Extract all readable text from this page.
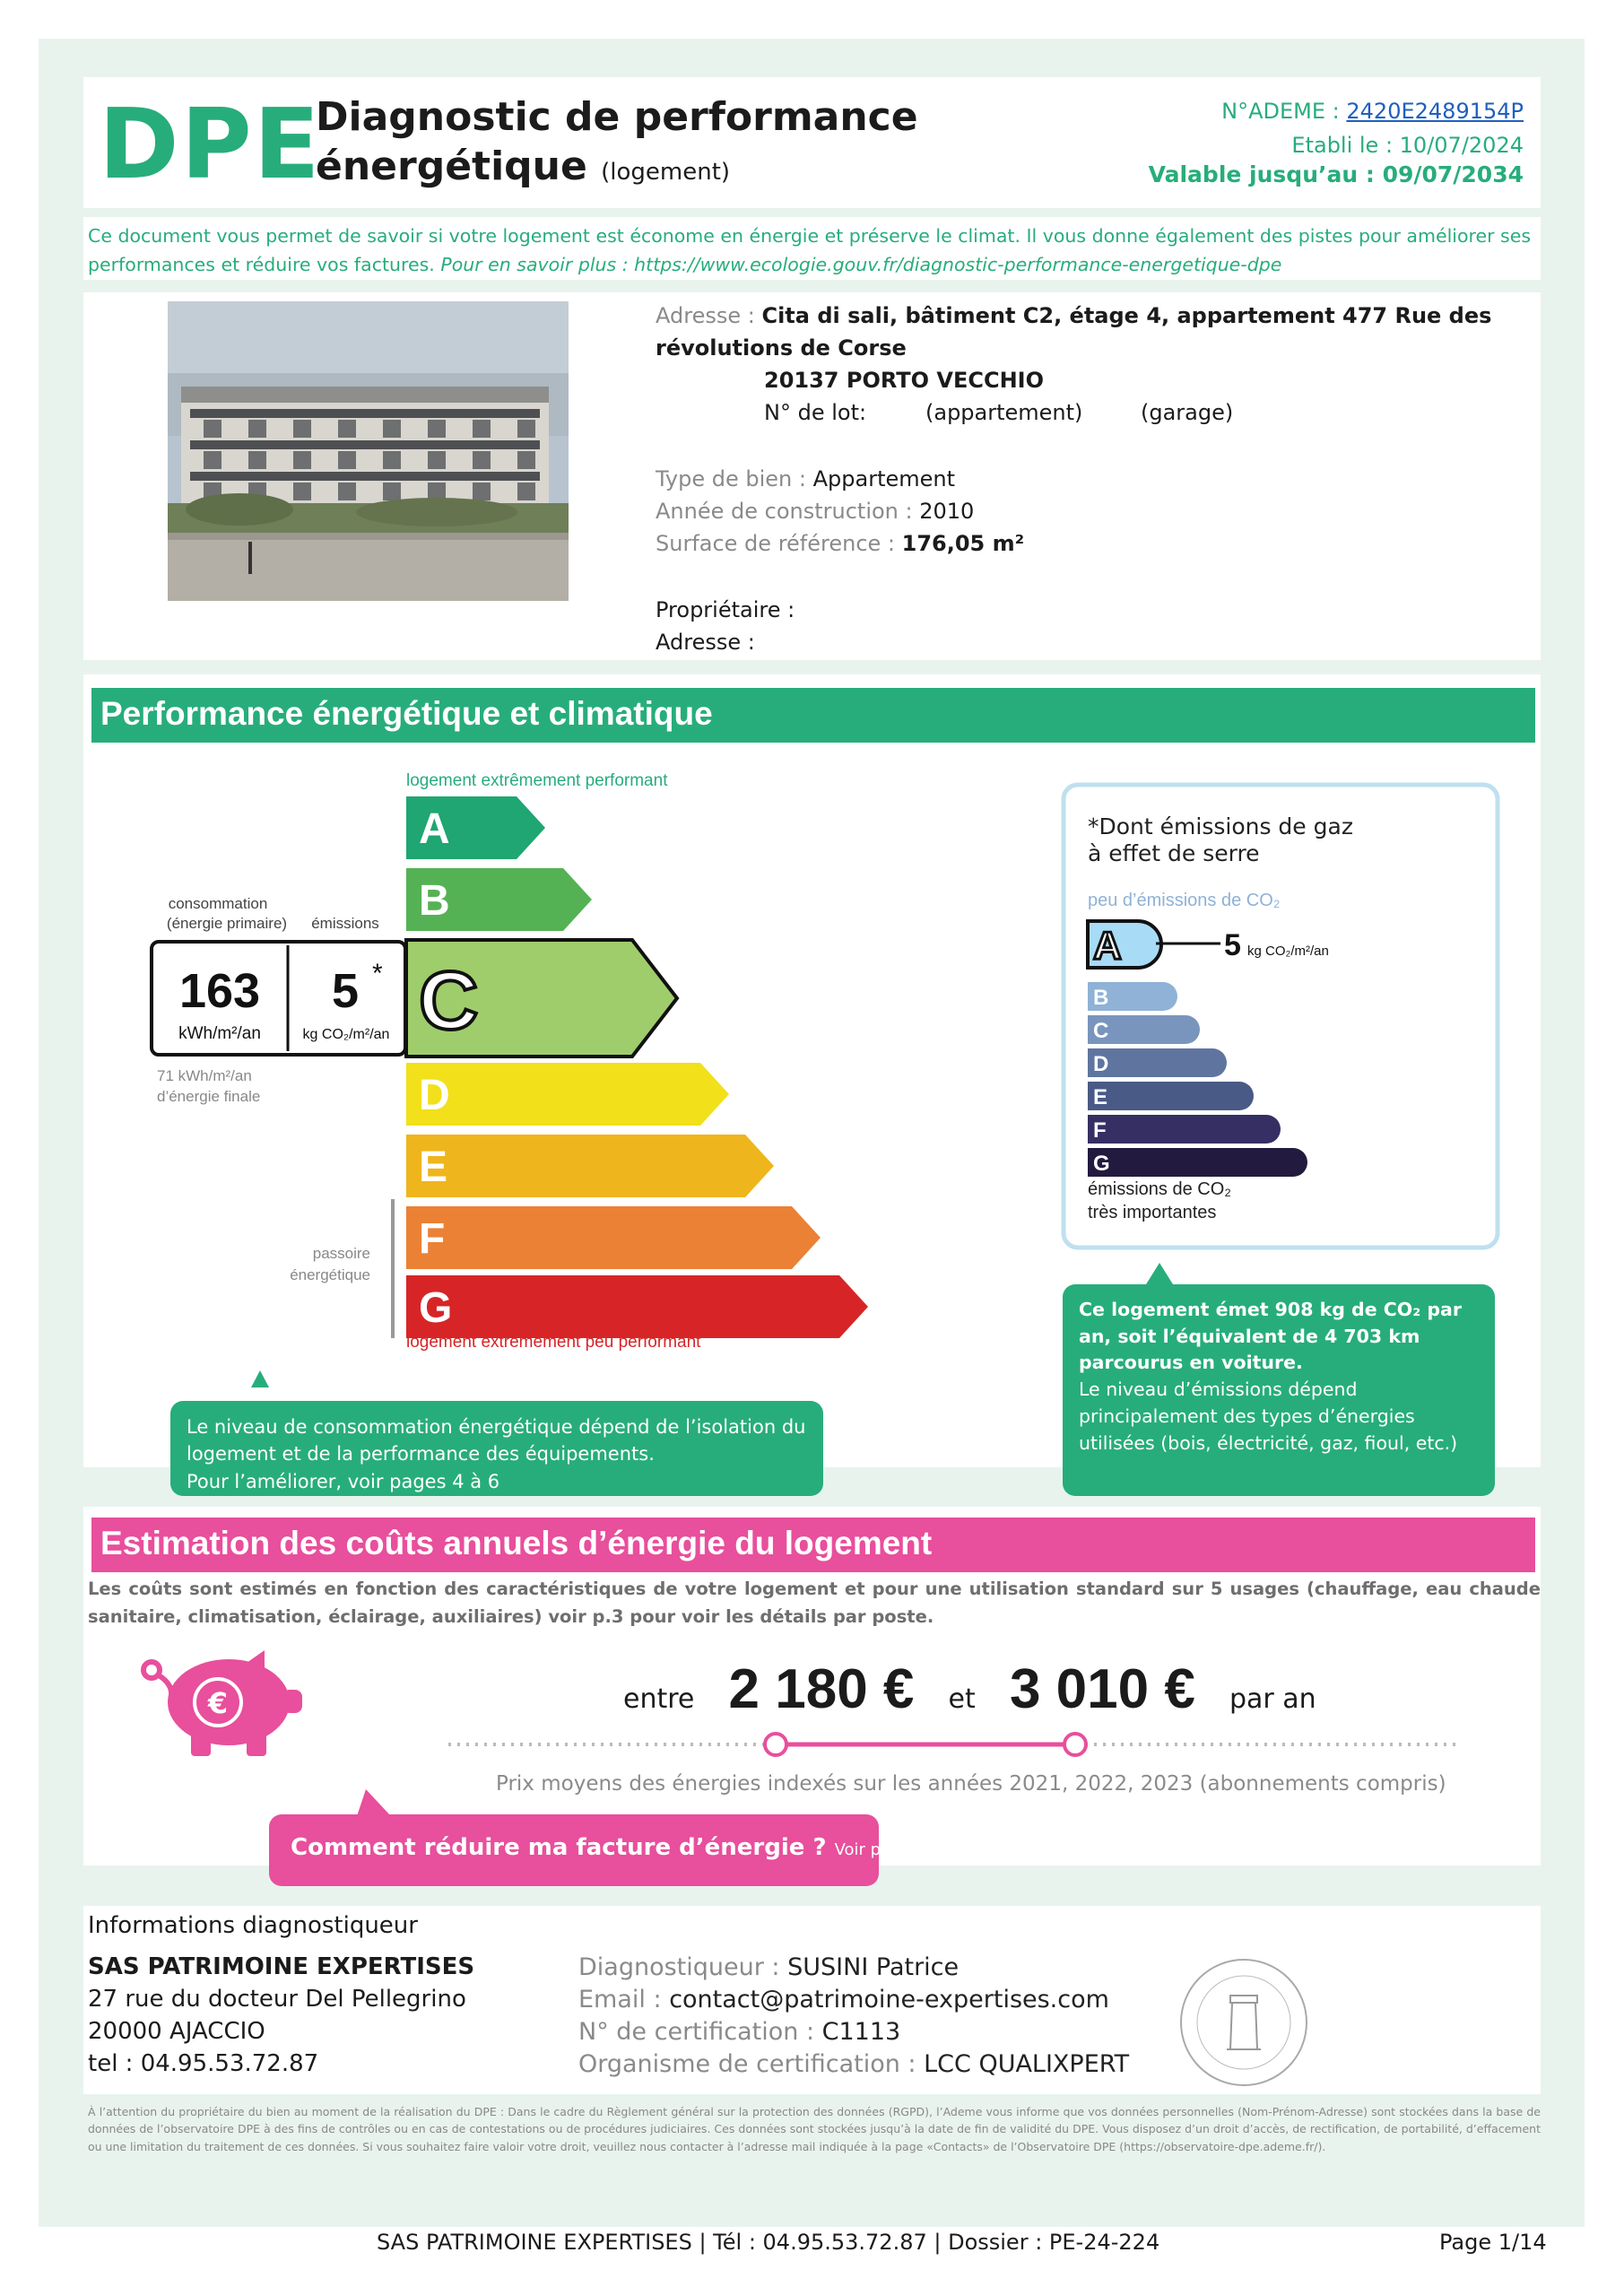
DPE
Diagnostic de performance
énergétique (logement)
N°ADEME : 2420E2489154P
Etabli le : 10/07/2024
Valable jusqu’au : 09/07/2034
Ce document vous permet de savoir si votre logement est économe en énergie et préserve le climat. Il vous donne également des pistes pour améliorer ses performances et réduire vos factures. Pour en savoir plus : https://www.ecologie.gouv.fr/diagnostic-performance-energetique-dpe
Adresse : Cita di sali, bâtiment C2, étage 4, appartement 477 Rue des
révolutions de Corse
20137 PORTO VECCHIO
N° de lot:	(appartement)	(garage)
Type de bien : Appartement
Année de construction : 2010
Surface de référence : 176,05 m²
Propriétaire :
Adresse :
Performance énergétique et climatique
logement extrêmement performant
A
B
C
D
E
F
G
passoire
énergétique
logement extrêmement peu performant
consommation
(énergie primaire) émissions
163
kWh/m²/an
5 *
kg CO₂/m²/an
71 kWh/m²/an
d’énergie finale
*Dont émissions de gaz
à effet de serre
peu d’émissions de CO₂
A
B
C
D
E
F
G
5 kg CO₂/m²/an
émissions de CO₂
très importantes
Le niveau de consommation énergétique dépend de l’isolation du logement et de la performance des équipements.
Pour l’améliorer, voir pages 4 à 6
Ce logement émet 908 kg de CO₂ par an, soit l’équivalent de 4 703 km parcourus en voiture.
Le niveau d’émissions dépend principalement des types d’énergies utilisées (bois, électricité, gaz, fioul, etc.)
Estimation des coûts annuels d’énergie du logement
Les coûts sont estimés en fonction des caractéristiques de votre logement et pour une utilisation standard sur 5 usages (chauffage, eau chaude sanitaire, climatisation, éclairage, auxiliaires) voir p.3 pour voir les détails par poste.
€	entre 2 180 € et 3 010 € par an
Prix moyens des énergies indexés sur les années 2021, 2022, 2023 (abonnements compris)
Comment réduire ma facture d’énergie ? Voir p. 3
Informations diagnostiqueur
SAS PATRIMOINE EXPERTISES
27 rue du docteur Del Pellegrino
20000 AJACCIO
tel : 04.95.53.72.87
Diagnostiqueur : SUSINI Patrice
Email : contact@patrimoine-expertises.com
N° de certification : C1113
Organisme de certification : LCC QUALIXPERT
À l’attention du propriétaire du bien au moment de la réalisation du DPE : Dans le cadre du Règlement général sur la protection des données (RGPD), l’Ademe vous informe que vos données personnelles (Nom-Prénom-Adresse) sont stockées dans la base de données de l’observatoire DPE à des fins de contrôles ou en cas de contestations ou de procédures judiciaires. Ces données sont stockées jusqu’à la date de fin de validité du DPE. Vous disposez d’un droit d’accès, de rectification, de portabilité, d’effacement ou une limitation du traitement de ces données. Si vous souhaitez faire valoir votre droit, veuillez nous contacter à l’adresse mail indiquée à la page «Contacts» de l’Observatoire DPE (https://observatoire-dpe.ademe.fr/).
SAS PATRIMOINE EXPERTISES | Tél : 04.95.53.72.87 | Dossier : PE-24-224	Page 1/14
